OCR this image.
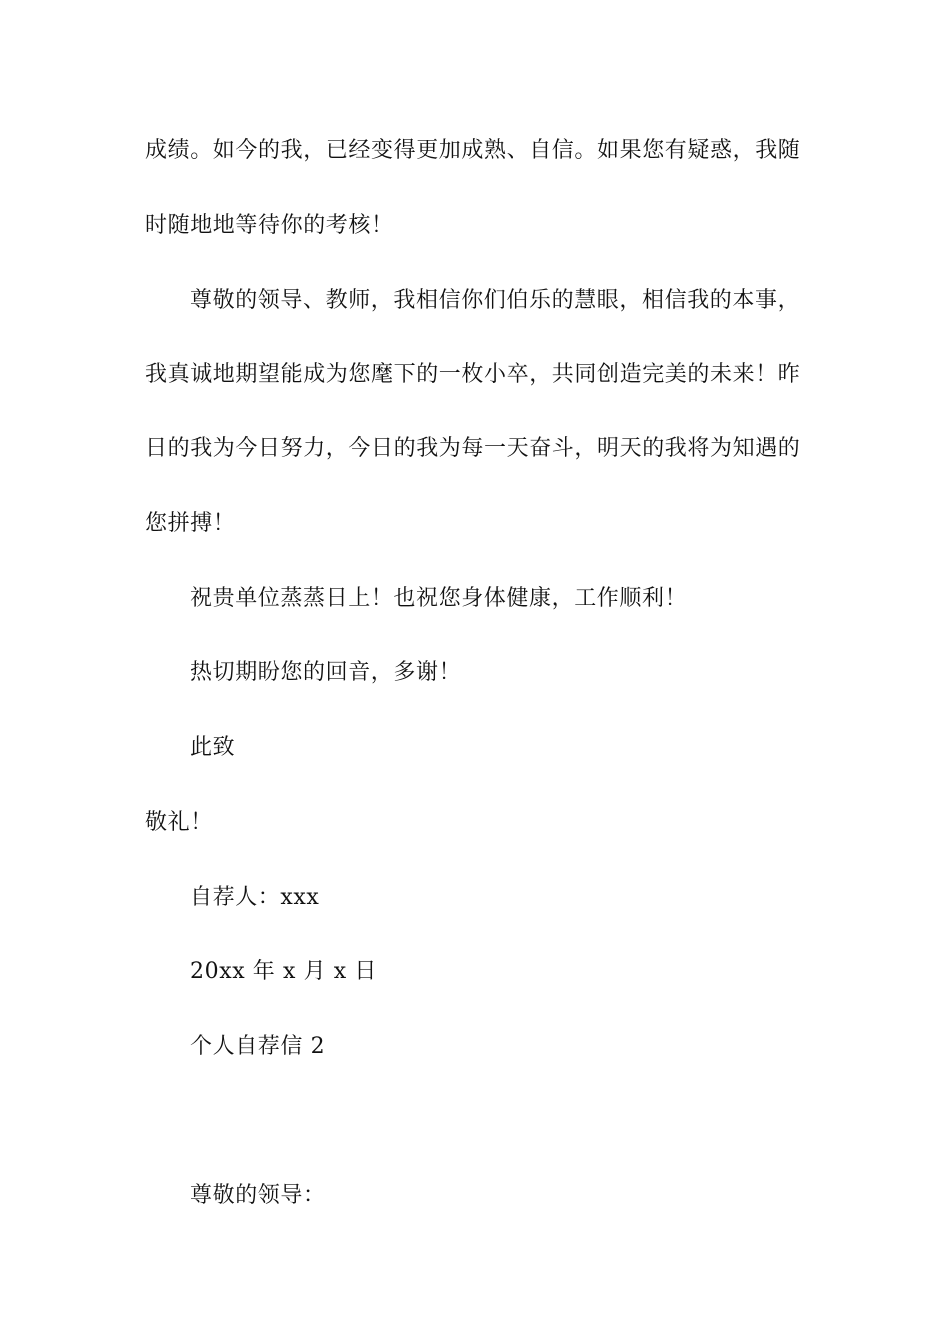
成绩。如今的我，已经变得更加成熟、自信。如果您有疑惑，我随
时随地地等待你的考核！
尊敬的领导、教师，我相信你们伯乐的慧眼，相信我的本事，
我真诚地期望能成为您麾下的一枚小卒，共同创造完美的未来！昨
日的我为今日努力，今日的我为每一天奋斗，明天的我将为知遇的
您拼搏！
祝贵单位蒸蒸日上！也祝您身体健康，工作顺利！
热切期盼您的回音，多谢！
此致
敬礼！
自荐人：xxx
20xx 年 x 月 x 日
个人自荐信 2
尊敬的领导：
